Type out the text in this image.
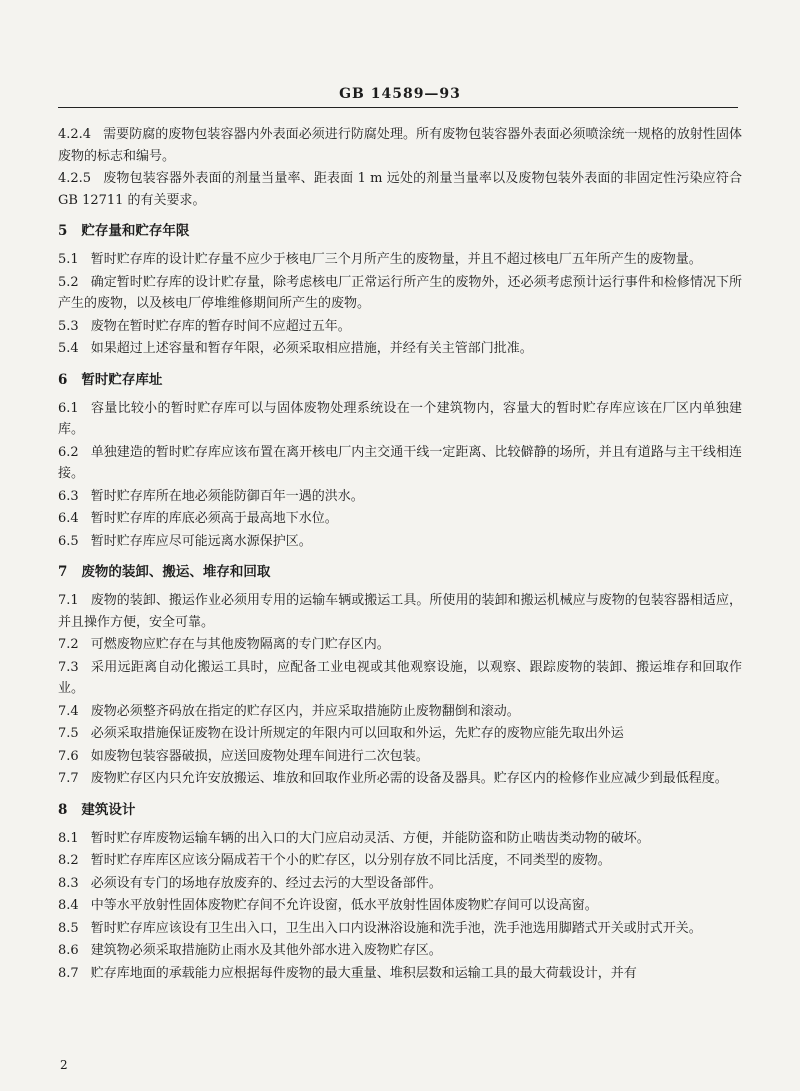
GB 14589—93
4.2.4 需要防腐的废物包装容器内外表面必须进行防腐处理。所有废物包装容器外表面必须喷涂统一规格的放射性固体废物的标志和编号。
4.2.5 废物包装容器外表面的剂量当量率、距表面 1 m 远处的剂量当量率以及废物包装外表面的非固定性污染应符合 GB 12711 的有关要求。
5 贮存量和贮存年限
5.1 暂时贮存库的设计贮存量不应少于核电厂三个月所产生的废物量，并且不超过核电厂五年所产生的废物量。
5.2 确定暂时贮存库的设计贮存量，除考虑核电厂正常运行所产生的废物外，还必须考虑预计运行事件和检修情况下所产生的废物，以及核电厂停堆维修期间所产生的废物。
5.3 废物在暂时贮存库的暂存时间不应超过五年。
5.4 如果超过上述容量和暂存年限，必须采取相应措施，并经有关主管部门批准。
6 暂时贮存库址
6.1 容量比较小的暂时贮存库可以与固体废物处理系统设在一个建筑物内，容量大的暂时贮存库应该在厂区内单独建库。
6.2 单独建造的暂时贮存库应该布置在离开核电厂内主交通干线一定距离、比较僻静的场所，并且有道路与主干线相连接。
6.3 暂时贮存库所在地必须能防御百年一遇的洪水。
6.4 暂时贮存库的库底必须高于最高地下水位。
6.5 暂时贮存库应尽可能远离水源保护区。
7 废物的装卸、搬运、堆存和回取
7.1 废物的装卸、搬运作业必须用专用的运输车辆或搬运工具。所使用的装卸和搬运机械应与废物的包装容器相适应，并且操作方便，安全可靠。
7.2 可燃废物应贮存在与其他废物隔离的专门贮存区内。
7.3 采用远距离自动化搬运工具时，应配备工业电视或其他观察设施，以观察、跟踪废物的装卸、搬运堆存和回取作业。
7.4 废物必须整齐码放在指定的贮存区内，并应采取措施防止废物翻倒和滚动。
7.5 必须采取措施保证废物在设计所规定的年限内可以回取和外运，先贮存的废物应能先取出外运
7.6 如废物包装容器破损，应送回废物处理车间进行二次包装。
7.7 废物贮存区内只允许安放搬运、堆放和回取作业所必需的设备及器具。贮存区内的检修作业应减少到最低程度。
8 建筑设计
8.1 暂时贮存库废物运输车辆的出入口的大门应启动灵活、方便，并能防盗和防止啮齿类动物的破坏。
8.2 暂时贮存库库区应该分隔成若干个小的贮存区，以分别存放不同比活度，不同类型的废物。
8.3 必须设有专门的场地存放废弃的、经过去污的大型设备部件。
8.4 中等水平放射性固体废物贮存间不允许设窗，低水平放射性固体废物贮存间可以设高窗。
8.5 暂时贮存库应该设有卫生出入口，卫生出入口内设淋浴设施和洗手池，洗手池选用脚踏式开关或肘式开关。
8.6 建筑物必须采取措施防止雨水及其他外部水进入废物贮存区。
8.7 贮存库地面的承载能力应根据每件废物的最大重量、堆积层数和运输工具的最大荷载设计，并有
2
